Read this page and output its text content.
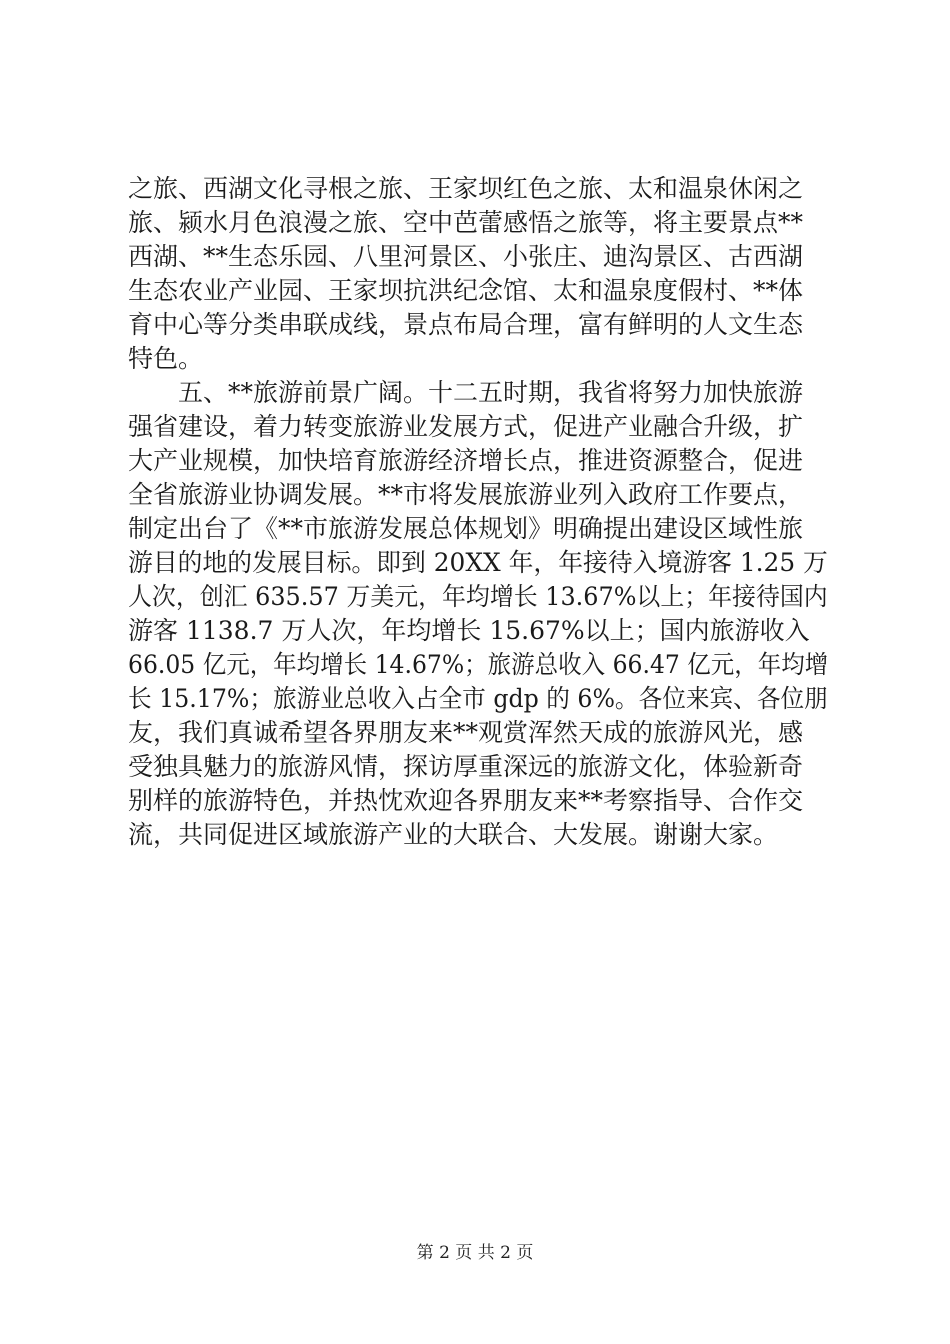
之旅、西湖文化寻根之旅、王家坝红色之旅、太和温泉休闲之
旅、颍水月色浪漫之旅、空中芭蕾感悟之旅等，将主要景点**
西湖、**生态乐园、八里河景区、小张庄、迪沟景区、古西湖
生态农业产业园、王家坝抗洪纪念馆、太和温泉度假村、**体
育中心等分类串联成线，景点布局合理，富有鲜明的人文生态
特色。
　　五、**旅游前景广阔。十二五时期，我省将努力加快旅游
强省建设，着力转变旅游业发展方式，促进产业融合升级，扩
大产业规模，加快培育旅游经济增长点，推进资源整合，促进
全省旅游业协调发展。**市将发展旅游业列入政府工作要点，
制定出台了《**市旅游发展总体规划》明确提出建设区域性旅
游目的地的发展目标。即到 20XX 年，年接待入境游客 1.25 万
人次，创汇 635.57 万美元，年均增长 13.67%以上；年接待国内
游客 1138.7 万人次，年均增长 15.67%以上；国内旅游收入
66.05 亿元，年均增长 14.67%；旅游总收入 66.47 亿元，年均增
长 15.17%；旅游业总收入占全市 gdp 的 6%。各位来宾、各位朋
友，我们真诚希望各界朋友来**观赏浑然天成的旅游风光，感
受独具魅力的旅游风情，探访厚重深远的旅游文化，体验新奇
别样的旅游特色，并热忱欢迎各界朋友来**考察指导、合作交
流，共同促进区域旅游产业的大联合、大发展。谢谢大家。
第 2 页 共 2 页
